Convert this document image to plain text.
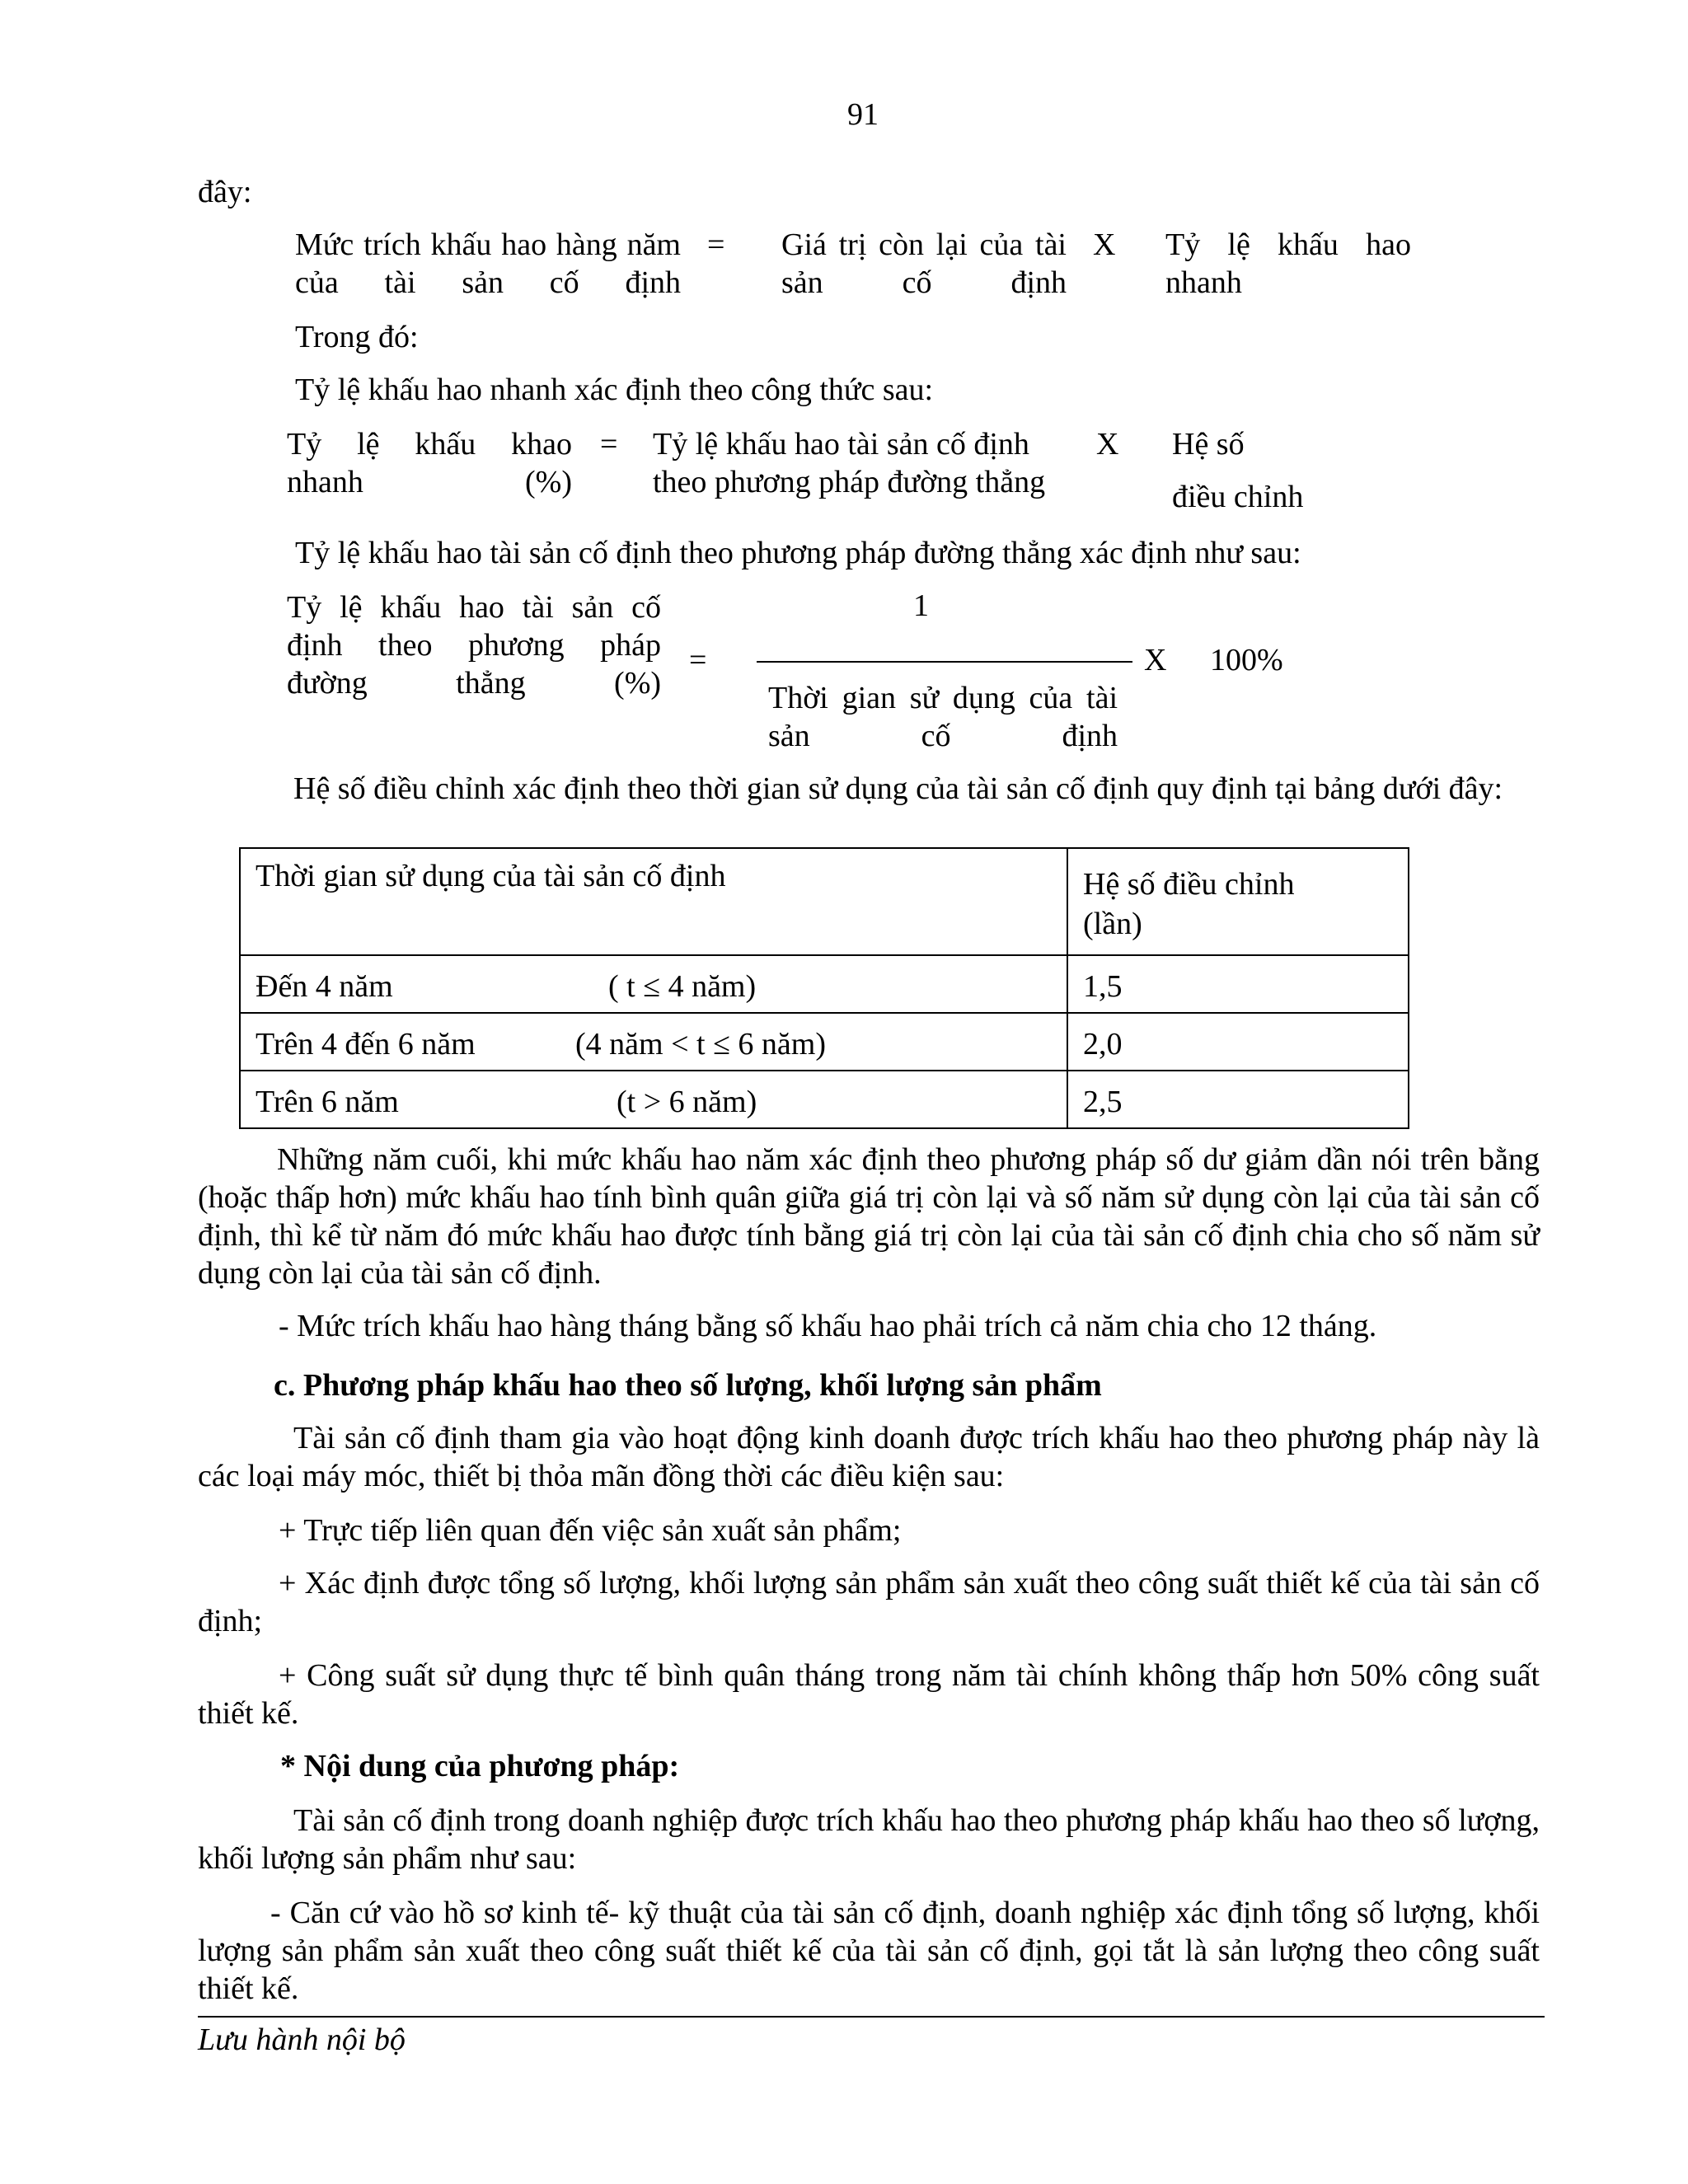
91

đây:

Mức trích khấu hao hàng năm của tài sản cố định

= Giá trị còn lại của tài sản cố định

X Tỷ lệ khấu hao nhanh

Trong đó:

Tỷ lệ khấu hao nhanh xác định theo công thức sau:

Tỷ lệ khấu khao nhanh (%)

= Tỷ lệ khấu hao tài sản cố định theo phương pháp đường thẳng

X Hệ số

điều chỉnh

Tỷ lệ khấu hao tài sản cố định theo phương pháp đường thẳng xác định như sau:

Tỷ lệ khấu hao tài sản cố định theo phương pháp đường thẳng (%)

=

1

Thời gian sử dụng của tài sản cố định

X 100%

Hệ số điều chỉnh xác định theo thời gian sử dụng của tài sản cố định quy định tại bảng dưới đây:

Thời gian sử dụng của tài sản cố định	Hệ số điều chỉnh
(lần)

Đến 4 năm ( t ≤ 4 năm)	1,5
Trên 4 đến 6 năm (4 năm < t ≤ 6 năm)	2,0
Trên 6 năm (t > 6 năm)	2,5

Những năm cuối, khi mức khấu hao năm xác định theo phương pháp số dư giảm dần nói trên bằng (hoặc thấp hơn) mức khấu hao tính bình quân giữa giá trị còn lại và số năm sử dụng còn lại của tài sản cố định, thì kể từ năm đó mức khấu hao được tính bằng giá trị còn lại của tài sản cố định chia cho số năm sử dụng còn lại của tài sản cố định.

- Mức trích khấu hao hàng tháng bằng số khấu hao phải trích cả năm chia cho 12 tháng.

c. Phương pháp khấu hao theo số lượng, khối lượng sản phẩm

Tài sản cố định tham gia vào hoạt động kinh doanh được trích khấu hao theo phương pháp này là các loại máy móc, thiết bị thỏa mãn đồng thời các điều kiện sau:

+ Trực tiếp liên quan đến việc sản xuất sản phẩm;

+ Xác định được tổng số lượng, khối lượng sản phẩm sản xuất theo công suất thiết kế của tài sản cố định;

+ Công suất sử dụng thực tế bình quân tháng trong năm tài chính không thấp hơn 50% công suất thiết kế.

* Nội dung của phương pháp:

Tài sản cố định trong doanh nghiệp được trích khấu hao theo phương pháp khấu hao theo số lượng, khối lượng sản phẩm như sau:

- Căn cứ vào hồ sơ kinh tế- kỹ thuật của tài sản cố định, doanh nghiệp xác định tổng số lượng, khối lượng sản phẩm sản xuất theo công suất thiết kế của tài sản cố định, gọi tắt là sản lượng theo công suất thiết kế.

Lưu hành nội bộ
